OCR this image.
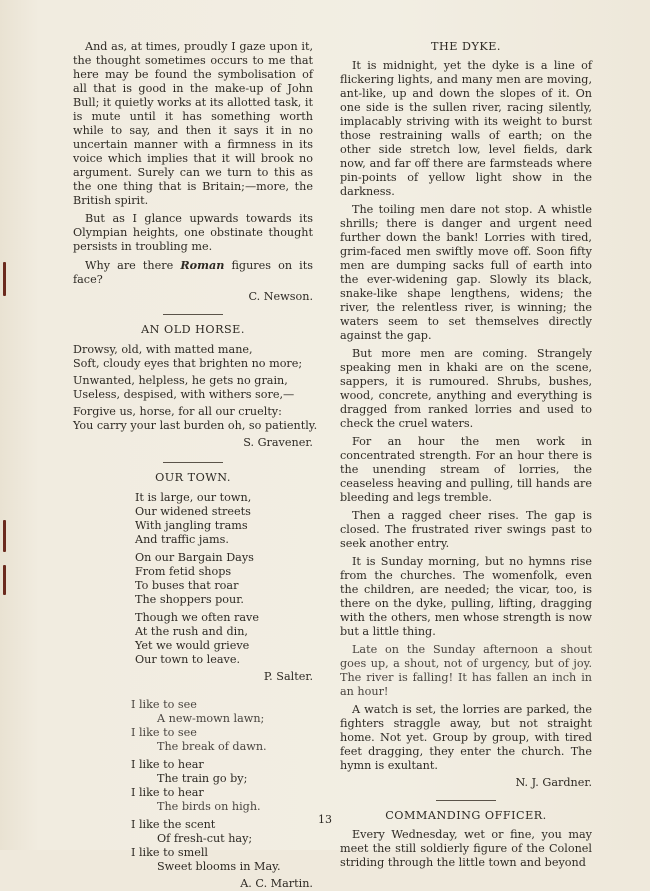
And as, at times, proudly I gaze upon it, the thought sometimes occurs to me that here may be found the symbolisation of all that is good in the make-up of John Bull; it quietly works at its allotted task, it is mute until it has something worth while to say, and then it says it in no uncertain manner with a firmness in its voice which implies that it will brook no argument. Surely can we turn to this as the one thing that is Britain;—more, the British spirit.

But as I glance upwards towards its Olympian heights, one obstinate thought persists in troubling me.

Why are there Roman figures on its face?

C. Newson.
AN OLD HORSE.
Drowsy, old, with matted mane,
Soft, cloudy eyes that brighten no more;
Unwanted, helpless, he gets no grain,
Useless, despised, with withers sore,—
Forgive us, horse, for all our cruelty:
You carry your last burden oh, so patiently.
S. Gravener.
OUR TOWN.
It is large, our town,
Our widened streets
With jangling trams
And traffic jams.
On our Bargain Days
From fetid shops
To buses that roar
The shoppers pour.
Though we often rave
At the rush and din,
Yet we would grieve
Our town to leave.
P. Salter.
I like to see
A new-mown lawn;
I like to see
The break of dawn.
I like to hear
The train go by;
I like to hear
The birds on high.
I like the scent
Of fresh-cut hay;
I like to smell
Sweet blooms in May.
A. C. Martin.
THE DYKE.

It is midnight, yet the dyke is a line of flickering lights, and many men are moving, ant-like, up and down the slopes of it. On one side is the sullen river, racing silently, implacably striving with its weight to burst those restraining walls of earth; on the other side stretch low, level fields, dark now, and far off there are farmsteads where pin-points of yellow light show in the darkness.

The toiling men dare not stop. A whistle shrills; there is danger and urgent need further down the bank! Lorries with tired, grim-faced men swiftly move off. Soon fifty men are dumping sacks full of earth into the ever-widening gap. Slowly its black, snake-like shape lengthens, widens; the river, the relentless river, is winning; the waters seem to set themselves directly against the gap.

But more men are coming. Strangely speaking men in khaki are on the scene, sappers, it is rumoured. Shrubs, bushes, wood, concrete, anything and everything is dragged from ranked lorries and used to check the cruel waters.

For an hour the men work in concentrated strength. For an hour there is the unending stream of lorries, the ceaseless heaving and pulling, till hands are bleeding and legs tremble.

Then a ragged cheer rises. The gap is closed. The frustrated river swings past to seek another entry.

It is Sunday morning, but no hymns rise from the churches. The womenfolk, even the children, are needed; the vicar, too, is there on the dyke, pulling, lifting, dragging with the others, men whose strength is now but a little thing.

Late on the Sunday afternoon a shout goes up, a shout, not of urgency, but of joy. The river is falling! It has fallen an inch in an hour!

A watch is set, the lorries are parked, the fighters straggle away, but not straight home. Not yet. Group by group, with tired feet dragging, they enter the church. The hymn is exultant.

N. J. Gardner.
COMMANDING OFFICER.

Every Wednesday, wet or fine, you may meet the still soldierly figure of the Colonel striding through the little town and beyond

13
